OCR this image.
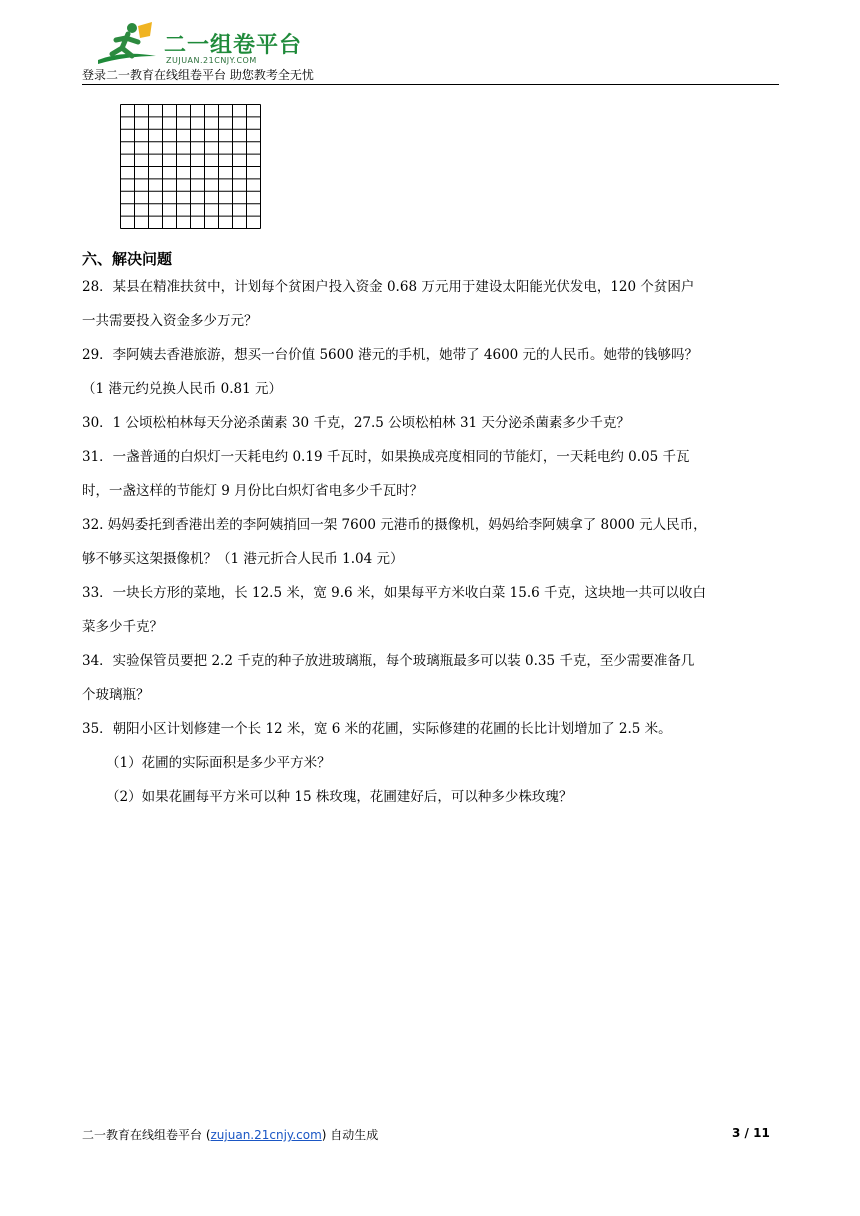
二一组卷平台
ZUJUAN.21CNJY.COM
登录二一教育在线组卷平台 助您教考全无忧
六、解决问题
28．某县在精准扶贫中，计划每个贫困户投入资金 0.68 万元用于建设太阳能光伏发电，120 个贫困户
一共需要投入资金多少万元？
29．李阿姨去香港旅游，想买一台价值 5600 港元的手机，她带了 4600 元的人民币。她带的钱够吗？
（1 港元约兑换人民币 0.81 元）
30．1 公顷松柏林每天分泌杀菌素 30 千克，27.5 公顷松柏林 31 天分泌杀菌素多少千克？
31．一盏普通的白炽灯一天耗电约 0.19 千瓦时，如果换成亮度相同的节能灯，一天耗电约 0.05 千瓦
时，一盏这样的节能灯 9 月份比白炽灯省电多少千瓦时？
32. 妈妈委托到香港出差的李阿姨捎回一架 7600 元港币的摄像机，妈妈给李阿姨拿了 8000 元人民币，
够不够买这架摄像机？（1 港元折合人民币 1.04 元）
33．一块长方形的菜地，长 12.5 米，宽 9.6 米，如果每平方米收白菜 15.6 千克，这块地一共可以收白
菜多少千克？
34．实验保管员要把 2.2 千克的种子放进玻璃瓶，每个玻璃瓶最多可以装 0.35 千克，至少需要准备几
个玻璃瓶？
35．朝阳小区计划修建一个长 12 米，宽 6 米的花圃，实际修建的花圃的长比计划增加了 2.5 米。
（1）花圃的实际面积是多少平方米？
（2）如果花圃每平方米可以种 15 株玫瑰，花圃建好后，可以种多少株玫瑰？
二一教育在线组卷平台 (zujuan.21cnjy.com) 自动生成	3 / 11
